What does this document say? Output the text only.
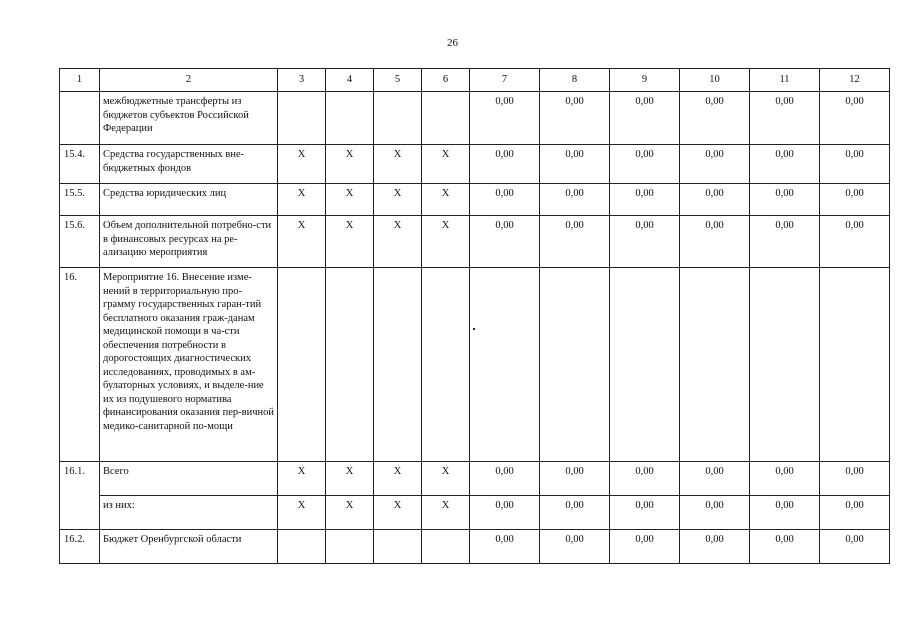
26
1	2	3	4	5	6	7	8	9	10	11	12
	межбюджетные трансферты из бюджетов субъектов Российской Федерации					0,00	0,00	0,00	0,00	0,00	0,00
15.4.	Средства государственных вне-бюджетных фондов	X	X	X	X	0,00	0,00	0,00	0,00	0,00	0,00
15.5.	Средства юридических лиц	X	X	X	X	0,00	0,00	0,00	0,00	0,00	0,00
15.6.	Объем дополнительной потребно-сти в финансовых ресурсах на ре-ализацию мероприятия	X	X	X	X	0,00	0,00	0,00	0,00	0,00	0,00
16.	Мероприятие 16. Внесение изме-нений в территориальную про-грамму государственных гаран-тий бесплатного оказания граж-данам медицинской помощи в ча-сти обеспечения потребности в дорогостоящих диагностических исследованиях, проводимых в ам-булаторных условиях, и выделе-ние их из подушевого норматива финансирования оказания пер-вичной медико-санитарной по-мощи										
16.1.	Всего	X	X	X	X	0,00	0,00	0,00	0,00	0,00	0,00
	из них:	X	X	X	X	0,00	0,00	0,00	0,00	0,00	0,00
16.2.	Бюджет Оренбургской области					0,00	0,00	0,00	0,00	0,00	0,00
